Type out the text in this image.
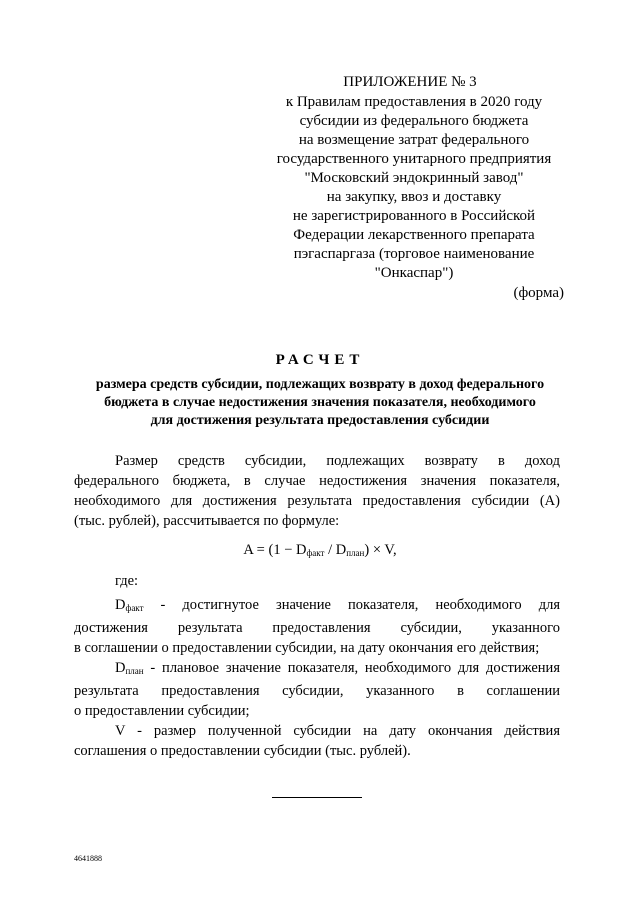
ПРИЛОЖЕНИЕ № 3
к Правилам предоставления в 2020 году
субсидии из федерального бюджета
на возмещение затрат федерального
государственного унитарного предприятия
"Московский эндокринный завод"
на закупку, ввоз и доставку
не зарегистрированного в Российской
Федерации лекарственного препарата
пэгаспаргаза (торговое наименование
"Онкаспар")
(форма)
РАСЧЕТ
размера средств субсидии, подлежащих возврату в доход федерального
бюджета в случае недостижения значения показателя, необходимого
для достижения результата предоставления субсидии
Размер средств субсидии, подлежащих возврату в доход
федерального бюджета, в случае недостижения значения показателя,
необходимого для достижения результата предоставления субсидии (A)
(тыс. рублей), рассчитывается по формуле:
$A = (1 - D_{факт} / D_{план}) \times V$,
где:
$D_{факт}$ - достигнутое значение показателя, необходимого для
достижения результата предоставления субсидии, указанного
в соглашении о предоставлении субсидии, на дату окончания его действия;
$D_{план}$ - плановое значение показателя, необходимого для достижения
результата предоставления субсидии, указанного в соглашении
о предоставлении субсидии;
V - размер полученной субсидии на дату окончания действия
соглашения о предоставлении субсидии (тыс. рублей).
4641888
